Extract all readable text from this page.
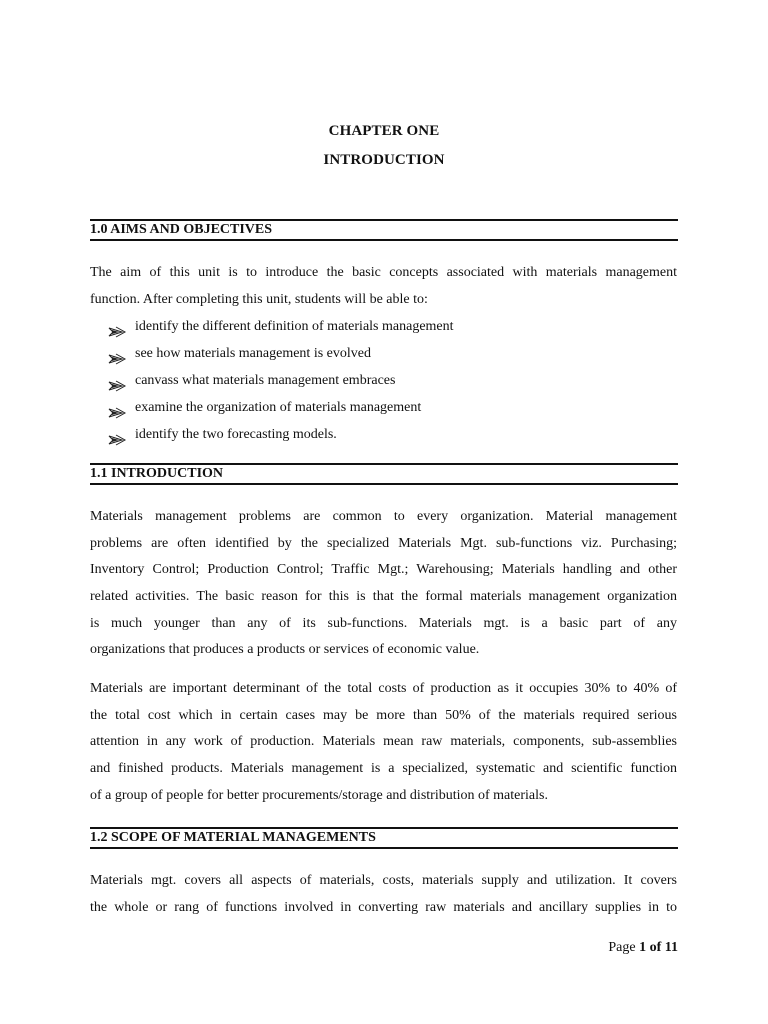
CHAPTER ONE
INTRODUCTION
1.0 AIMS AND OBJECTIVES
The aim of this unit is to introduce the basic concepts associated with materials management
function. After completing this unit, students will be able to:
identify the different definition of materials management
see how materials management is evolved
canvass what materials management embraces
examine the organization of materials management
identify the two forecasting models.
1.1 INTRODUCTION
Materials management problems are common to every organization. Material management
problems are often identified by the specialized Materials Mgt. sub-functions viz. Purchasing;
Inventory Control; Production Control; Traffic Mgt.; Warehousing; Materials handling and other
related activities. The basic reason for this is that the formal materials management organization
is much younger than any of its sub-functions. Materials mgt. is a basic part of any
organizations that produces a products or services of economic value.
Materials are important determinant of the total costs of production as it occupies 30% to 40% of
the total cost which in certain cases may be more than 50% of the materials required serious
attention in any work of production. Materials mean raw materials, components, sub-assemblies
and finished products. Materials management is a specialized, systematic and scientific function
of a group of people for better procurements/storage and distribution of materials.
1.2 SCOPE OF MATERIAL MANAGEMENTS
Materials mgt. covers all aspects of materials, costs, materials supply and utilization. It covers
the whole or rang of functions involved in converting raw materials and ancillary supplies in to
Page 1 of 11
